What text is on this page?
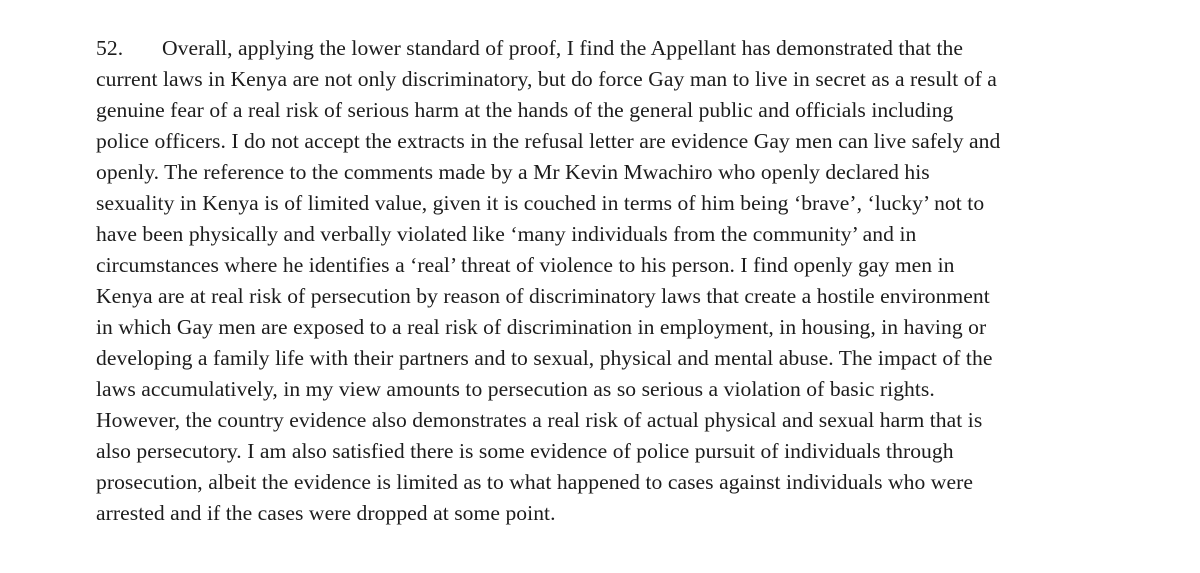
52. Overall, applying the lower standard of proof, I find the Appellant has demonstrated that the
current laws in Kenya are not only discriminatory, but do force Gay man to live in secret as a result of a
genuine fear of a real risk of serious harm at the hands of the general public and officials including
police officers. I do not accept the extracts in the refusal letter are evidence Gay men can live safely and
openly. The reference to the comments made by a Mr Kevin Mwachiro who openly declared his
sexuality in Kenya is of limited value, given it is couched in terms of him being ‘brave’, ‘lucky’ not to
have been physically and verbally violated like ‘many individuals from the community’ and in
circumstances where he identifies a ‘real’ threat of violence to his person. I find openly gay men in
Kenya are at real risk of persecution by reason of discriminatory laws that create a hostile environment
in which Gay men are exposed to a real risk of discrimination in employment, in housing, in having or
developing a family life with their partners and to sexual, physical and mental abuse. The impact of the
laws accumulatively, in my view amounts to persecution as so serious a violation of basic rights.
However, the country evidence also demonstrates a real risk of actual physical and sexual harm that is
also persecutory. I am also satisfied there is some evidence of police pursuit of individuals through
prosecution, albeit the evidence is limited as to what happened to cases against individuals who were
arrested and if the cases were dropped at some point.
